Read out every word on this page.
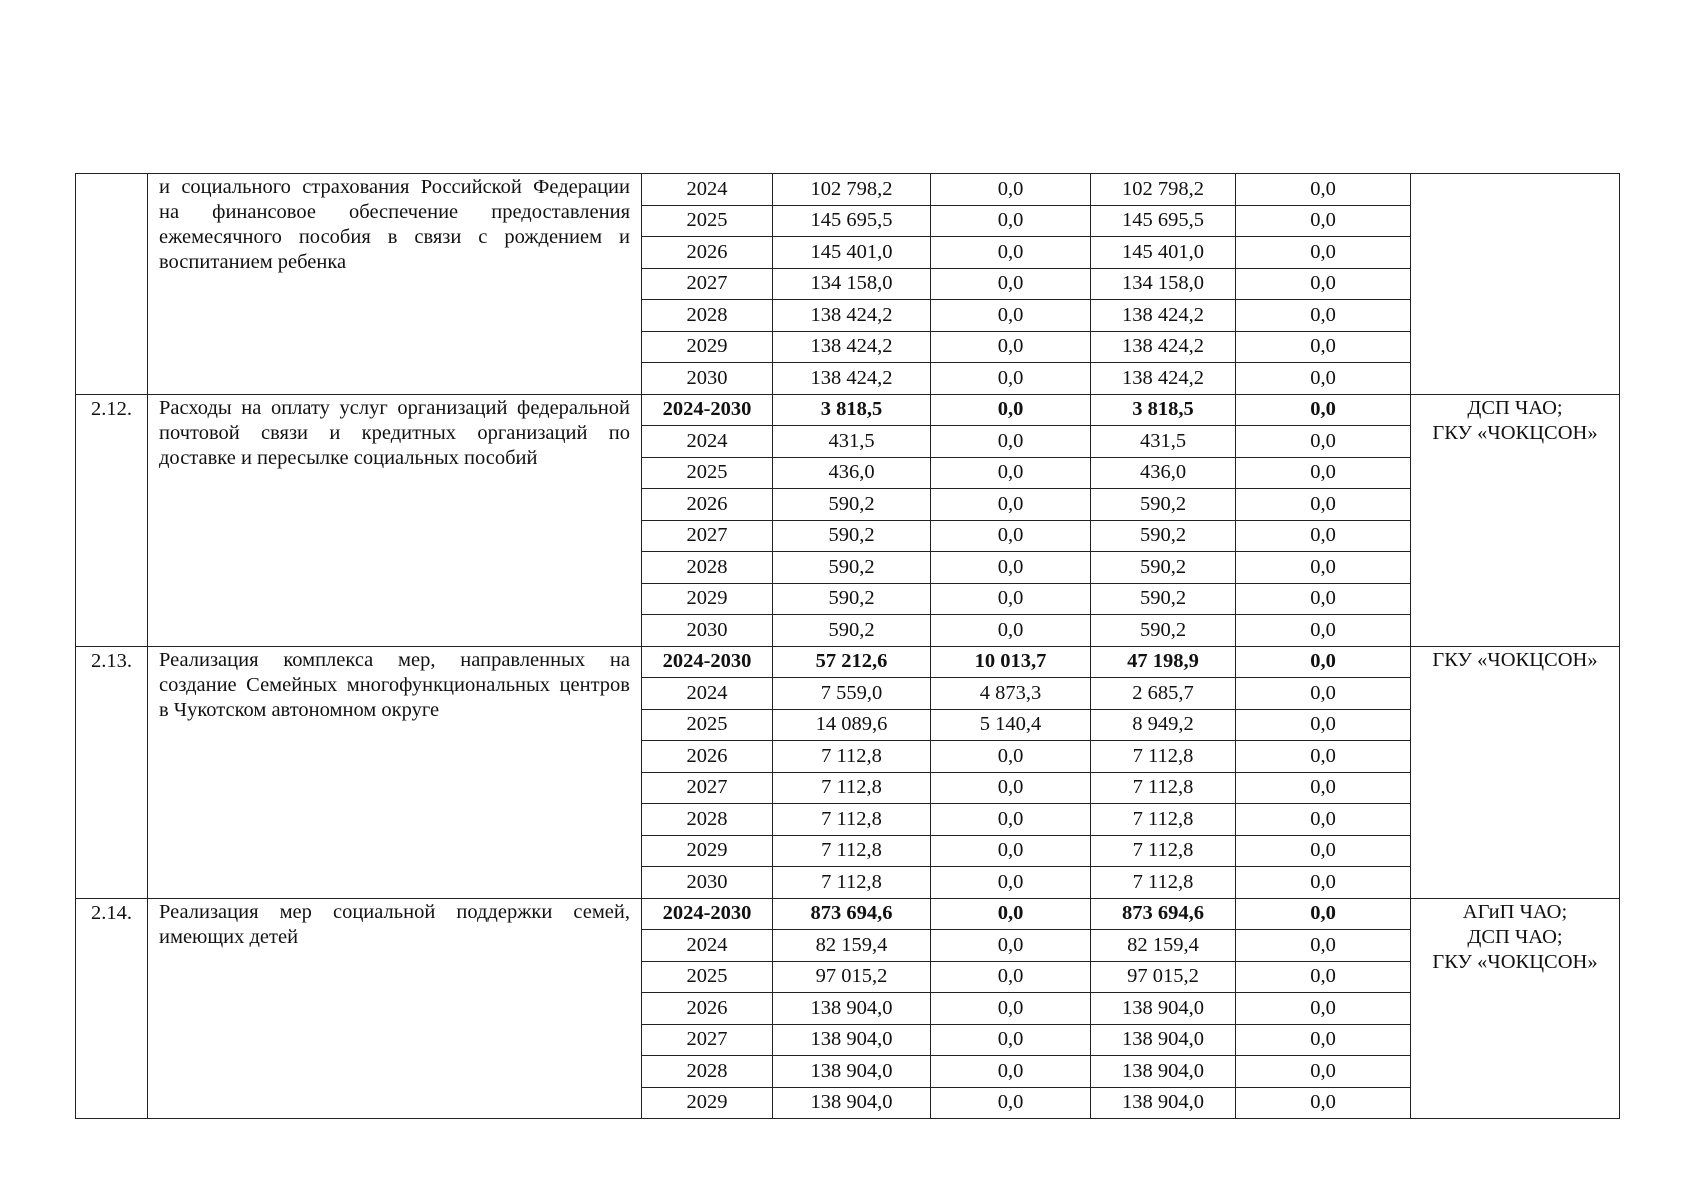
	и социального страхования Российской Федерации на финансовое обеспечение предоставления ежемесячного пособия в связи с рождением и воспитанием ребенка	2024	102 798,2	0,0	102 798,2	0,0	
		2025	145 695,5	0,0	145 695,5	0,0	
		2026	145 401,0	0,0	145 401,0	0,0	
		2027	134 158,0	0,0	134 158,0	0,0	
		2028	138 424,2	0,0	138 424,2	0,0	
		2029	138 424,2	0,0	138 424,2	0,0	
		2030	138 424,2	0,0	138 424,2	0,0	
2.12.	Расходы на оплату услуг организаций федеральной почтовой связи и кредитных организаций по доставке и пересылке социальных пособий	2024-2030	3 818,5	0,0	3 818,5	0,0	ДСП ЧАО;
ГКУ «ЧОКЦСОН»

		2024	431,5	0,0	431,5	0,0	
		2025	436,0	0,0	436,0	0,0	
		2026	590,2	0,0	590,2	0,0	
		2027	590,2	0,0	590,2	0,0	
		2028	590,2	0,0	590,2	0,0	
		2029	590,2	0,0	590,2	0,0	
		2030	590,2	0,0	590,2	0,0	
2.13.	Реализация комплекса мер, направленных на создание Семейных многофункциональных центров в Чукотском автономном округе	2024-2030	57 212,6	10 013,7	47 198,9	0,0	ГКУ «ЧОКЦСОН»

		2024	7 559,0	4 873,3	2 685,7	0,0	
		2025	14 089,6	5 140,4	8 949,2	0,0	
		2026	7 112,8	0,0	7 112,8	0,0	
		2027	7 112,8	0,0	7 112,8	0,0	
		2028	7 112,8	0,0	7 112,8	0,0	
		2029	7 112,8	0,0	7 112,8	0,0	
		2030	7 112,8	0,0	7 112,8	0,0	
2.14.	Реализация мер социальной поддержки семей, имеющих детей	2024-2030	873 694,6	0,0	873 694,6	0,0	АГиП ЧАО;
ДСП ЧАО;
ГКУ «ЧОКЦСОН»

		2024	82 159,4	0,0	82 159,4	0,0	
		2025	97 015,2	0,0	97 015,2	0,0	
		2026	138 904,0	0,0	138 904,0	0,0	
		2027	138 904,0	0,0	138 904,0	0,0	
		2028	138 904,0	0,0	138 904,0	0,0	
		2029	138 904,0	0,0	138 904,0	0,0	
